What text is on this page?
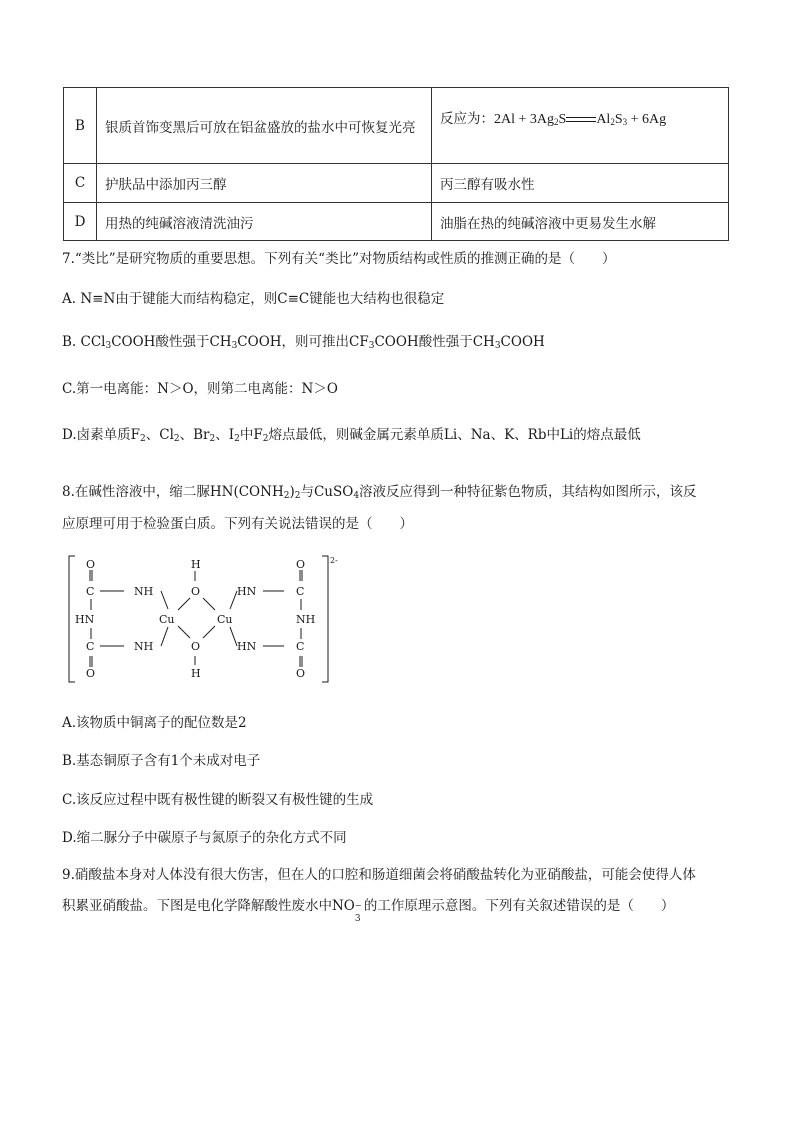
B	银质首饰变黑后可放在铝盆盛放的盐水中可恢复光亮	反应为：$2Al + 3Ag_2S$ $Al_2S_3 + 6Ag$
C	护肤品中添加丙三醇	丙三醇有吸水性
D	用热的纯碱溶液清洗油污	油脂在热的纯碱溶液中更易发生水解
7.“类比”是研究物质的重要思想。下列有关“类比”对物质结构或性质的推测正确的是（　　）
A. N≡N由于键能大而结构稳定，则C≡C键能也大结构也很稳定
B. CCl$_3$COOH酸性强于$CH_3COOH$，则可推出$CF_3COOH$酸性强于$CH_3COOH$
C.第一电离能：N＞O，则第二电离能：N＞O
D.卤素单质$F_2$、$Cl_2$、$Br_2$、$I_2$中$F_2$熔点最低，则碱金属元素单质Li、Na、K、Rb中Li的熔点最低
8.在碱性溶液中，缩二脲$HN(CONH_2)_2$与CuSO$_4$溶液反应得到一种特征紫色物质，其结构如图所示，该反
应原理可用于检验蛋白质。下列有关说法错误的是（　　）
O
C
HN
C
O
NH
NH
Cu
H
O
O
H
Cu
HN
HN
O
C
NH
C
O
2-
A.该物质中铜离子的配位数是2
B.基态铜原子含有1个未成对电子
C.该反应过程中既有极性键的断裂又有极性键的生成
D.缩二脲分子中碳原子与氮原子的杂化方式不同
9.硝酸盐本身对人体没有很大伤害，但在人的口腔和肠道细菌会将硝酸盐转化为亚硝酸盐，可能会使得人体
积累亚硝酸盐。下图是电化学降解酸性废水中NO −
3
的工作原理示意图。下列有关叙述错误的是（　　）
